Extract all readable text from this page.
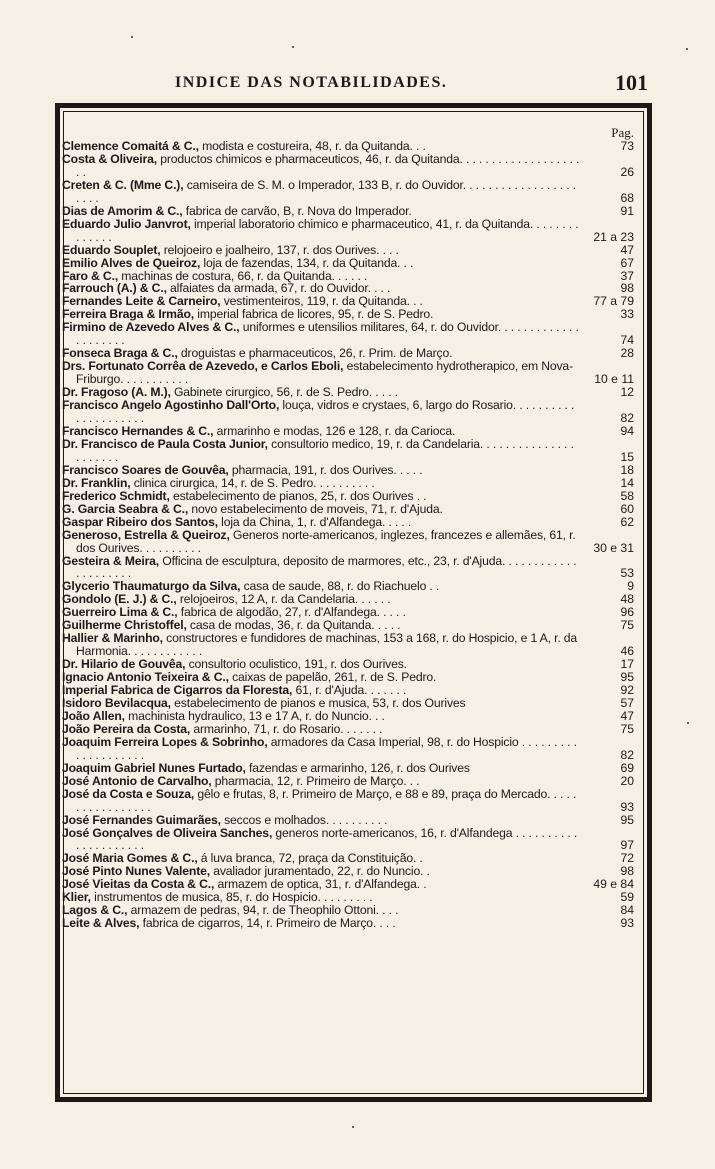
INDICE DAS NOTABILIDADES.	101
Pag.
Clemence Comaitá & C., modista e costureira, 48, r. da Quitanda. . .	73
Costa & Oliveira, productos chimicos e pharmaceuticos, 46, r. da Quitanda. . . . . . . . . . . . . . . . . . . . .	26
Creten & C. (Mme C.), camiseira de S. M. o Imperador, 133 B, r. do Ouvidor. . . . . . . . . . . . . . . . . . . . . .	68
Dias de Amorim & C., fabrica de carvão, B, r. Nova do Imperador.	91
Eduardo Julio Janvrot, imperial laboratorio chimico e pharmaceutico, 41, r. da Quitanda. . . . . . . . . . . . . .	21 a 23
Eduardo Souplet, relojoeiro e joalheiro, 137, r. dos Ourives. . . .	47
Emilio Alves de Queiroz, loja de fazendas, 134, r. da Quitanda. . .	67
Faro & C., machinas de costura, 66, r. da Quitanda. . . . . .	37
Farrouch (A.) & C., alfaiates da armada, 67, r. do Ouvidor. . . .	98
Fernandes Leite & Carneiro, vestimenteiros, 119, r. da Quitanda. . .	77 a 79
Ferreira Braga & Irmão, imperial fabrica de licores, 95, r. de S. Pedro.	33
Firmino de Azevedo Alves & C., uniformes e utensilios militares, 64, r. do Ouvidor. . . . . . . . . . . . . . . . . . . . .	74
Fonseca Braga & C., droguistas e pharmaceuticos, 26, r. Prim. de Março.	28
Drs. Fortunato Corrêa de Azevedo, e Carlos Eboli, estabelecimento hydrotherapico, em Nova-Friburgo. . . . . . . . . . .	10 e 11
Dr. Fragoso (A. M.), Gabinete cirurgico, 56, r. de S. Pedro. . . . .	12
Francisco Angelo Agostinho Dall'Orto, louça, vidros e crystaes, 6, largo do Rosario. . . . . . . . . . . . . . . . . . . . .	82
Francisco Hernandes & C., armarinho e modas, 126 e 128, r. da Carioca.	94
Dr. Francisco de Paula Costa Junior, consultorio medico, 19, r. da Candelaria. . . . . . . . . . . . . . . . . . . . . .	15
Francisco Soares de Gouvêa, pharmacia, 191, r. dos Ourives. . . . .	18
Dr. Franklin, clinica cirurgica, 14, r. de S. Pedro. . . . . . . . . .	14
Frederico Schmidt, estabelecimento de pianos, 25, r. dos Ourives . .	58
G. Garcia Seabra & C., novo estabelecimento de moveis, 71, r. d'Ajuda.	60
Gaspar Ribeiro dos Santos, loja da China, 1, r. d'Alfandega. . . . .	62
Generoso, Estrella & Queiroz, Generos norte-americanos, inglezes, francezes e allemães, 61, r. dos Ourives. . . . . . . . . .	30 e 31
Gesteira & Meira, Officina de esculptura, deposito de marmores, etc., 23, r. d'Ajuda. . . . . . . . . . . . . . . . . . . . .	53
Glycerio Thaumaturgo da Silva, casa de saude, 88, r. do Riachuelo . .	9
Gondolo (E. J.) & C., relojoeiros, 12 A, r. da Candelaria. . . . . .	48
Guerreiro Lima & C., fabrica de algodão, 27, r. d'Alfandega. . . . .	96
Guilherme Christoffel, casa de modas, 36, r. da Quitanda. . . . .	75
Hallier & Marinho, constructores e fundidores de machinas, 153 a 168, r. do Hospicio, e 1 A, r. da Harmonia. . . . . . . . . . . .	46
Dr. Hilario de Gouvêa, consultorio oculistico, 191, r. dos Ourives.	17
Ignacio Antonio Teixeira & C., caixas de papelão, 261, r. de S. Pedro.	95
Imperial Fabrica de Cigarros da Floresta, 61, r. d'Ajuda. . . . . . .	92
Isidoro Bevilacqua, estabelecimento de pianos e musica, 53, r. dos Ourives	57
João Allen, machinista hydraulico, 13 e 17 A, r. do Nuncio. . .	47
João Pereira da Costa, armarinho, 71, r. do Rosario. . . . . . .	75
Joaquim Ferreira Lopes & Sobrinho, armadores da Casa Imperial, 98, r. do Hospicio . . . . . . . . . . . . . . . . . . . .	82
Joaquim Gabriel Nunes Furtado, fazendas e armarinho, 126, r. dos Ourives	69
José Antonio de Carvalho, pharmacia, 12, r. Primeiro de Março. . .	20
José da Costa e Souza, gêlo e frutas, 8, r. Primeiro de Março, e 88 e 89, praça do Mercado. . . . . . . . . . . . . . . . .	93
José Fernandes Guimarães, seccos e molhados. . . . . . . . . .	95
José Gonçalves de Oliveira Sanches, generos norte-americanos, 16, r. d'Alfandega . . . . . . . . . . . . . . . . . . . . .	97
José Maria Gomes & C., á luva branca, 72, praça da Constituição. .	72
José Pinto Nunes Valente, avaliador juramentado, 22, r. do Nuncio. .	98
José Vieitas da Costa & C., armazem de optica, 31, r. d'Alfandega. .	49 e 84
Klier, instrumentos de musica, 85, r. do Hospicio. . . . . . . . .	59
Lagos & C., armazem de pedras, 94, r. de Theophilo Ottoni. . . .	84
Leite & Alves, fabrica de cigarros, 14, r. Primeiro de Março. . . .	93
